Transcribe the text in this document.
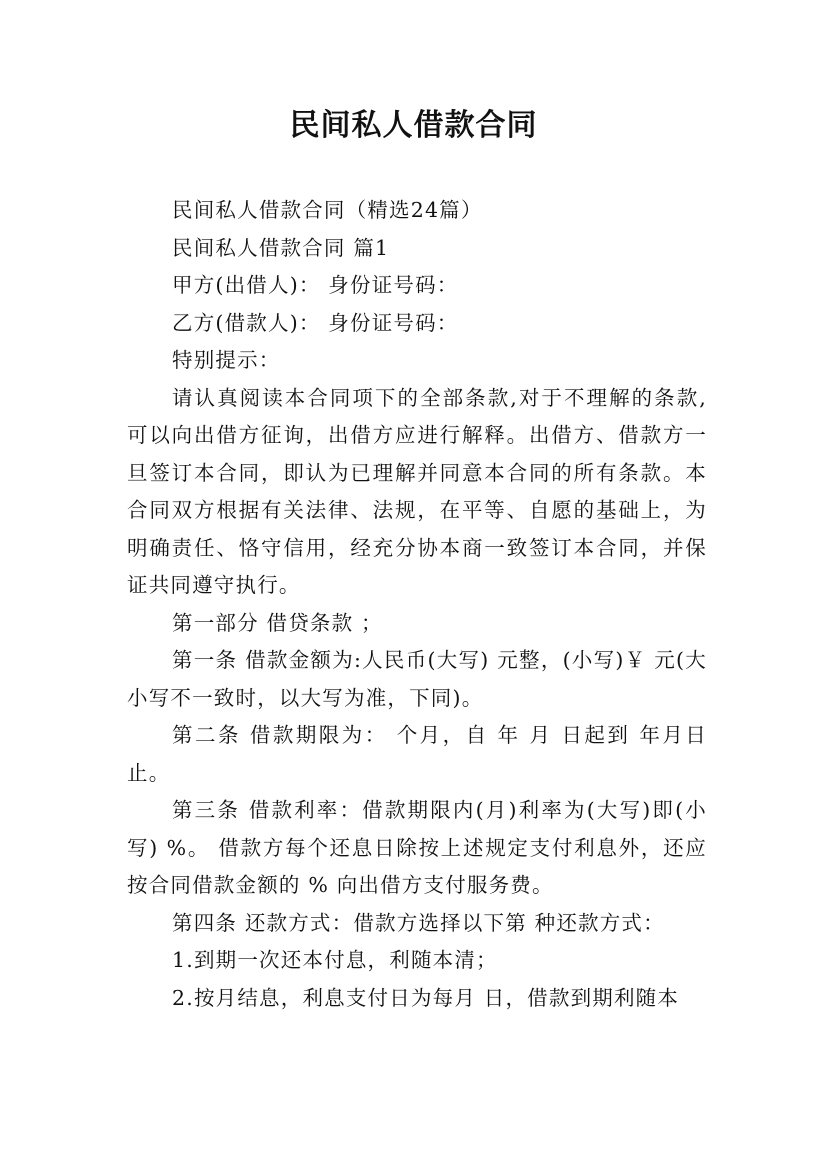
民间私人借款合同

民间私人借款合同（精选24篇）

民间私人借款合同 篇1

甲方(出借人)： 身份证号码：

乙方(借款人)： 身份证号码：

特别提示：

请认真阅读本合同项下的全部条款,对于不理解的条款,可以向出借方征询，出借方应进行解释。出借方、借款方一旦签订本合同，即认为已理解并同意本合同的所有条款。本合同双方根据有关法律、法规，在平等、自愿的基础上，为明确责任、恪守信用，经充分协本商一致签订本合同，并保证共同遵守执行。

第一部分 借贷条款 ；

第一条 借款金额为:人民币(大写) 元整，(小写)￥ 元(大小写不一致时，以大写为准，下同)。

第二条 借款期限为： 个月，自 年 月 日起到 年月日止。

第三条 借款利率：借款期限内(月)利率为(大写)即(小写) %。 借款方每个还息日除按上述规定支付利息外，还应按合同借款金额的 % 向出借方支付服务费。

第四条 还款方式：借款方选择以下第 种还款方式：

1.到期一次还本付息，利随本清；

2.按月结息，利息支付日为每月 日，借款到期利随本
